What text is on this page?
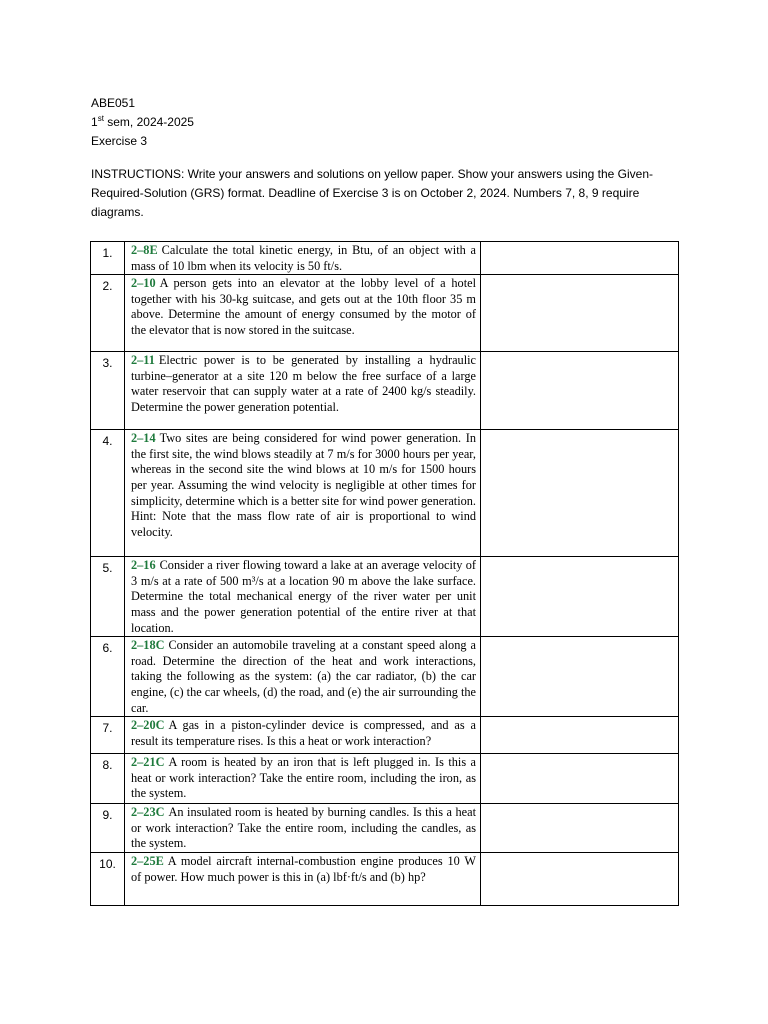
ABE051
1st sem, 2024-2025
Exercise 3
INSTRUCTIONS: Write your answers and solutions on yellow paper. Show your answers using the Given-Required-Solution (GRS) format. Deadline of Exercise 3 is on October 2, 2024. Numbers 7, 8, 9 require diagrams.
1.	2–8E Calculate the total kinetic energy, in Btu, of an object with a mass of 10 lbm when its velocity is 50 ft/s.	

2.	2–10 A person gets into an elevator at the lobby level of a hotel together with his 30-kg suitcase, and gets out at the 10th floor 35 m above. Determine the amount of energy consumed by the motor of the elevator that is now stored in the suitcase.	

3.	2–11 Electric power is to be generated by installing a hydraulic turbine–generator at a site 120 m below the free surface of a large water reservoir that can supply water at a rate of 2400 kg/s steadily. Determine the power generation potential.	

4.	2–14 Two sites are being considered for wind power generation. In the first site, the wind blows steadily at 7 m/s for 3000 hours per year, whereas in the second site the wind blows at 10 m/s for 1500 hours per year. Assuming the wind velocity is negligible at other times for simplicity, determine which is a better site for wind power generation. Hint: Note that the mass flow rate of air is proportional to wind velocity.	

5.	2–16 Consider a river flowing toward a lake at an average velocity of 3 m/s at a rate of 500 m³/s at a location 90 m above the lake surface. Determine the total mechanical energy of the river water per unit mass and the power generation potential of the entire river at that location.	

6.	2–18C Consider an automobile traveling at a constant speed along a road. Determine the direction of the heat and work interactions, taking the following as the system: (a) the car radiator, (b) the car engine, (c) the car wheels, (d) the road, and (e) the air surrounding the car.	

7.	2–20C A gas in a piston-cylinder device is compressed, and as a result its temperature rises. Is this a heat or work interaction?	

8.	2–21C A room is heated by an iron that is left plugged in. Is this a heat or work interaction? Take the entire room, including the iron, as the system.	

9.	2–23C An insulated room is heated by burning candles. Is this a heat or work interaction? Take the entire room, including the candles, as the system.	

10.	2–25E A model aircraft internal-combustion engine produces 10 W of power. How much power is this in (a) lbf·ft/s and (b) hp?	
